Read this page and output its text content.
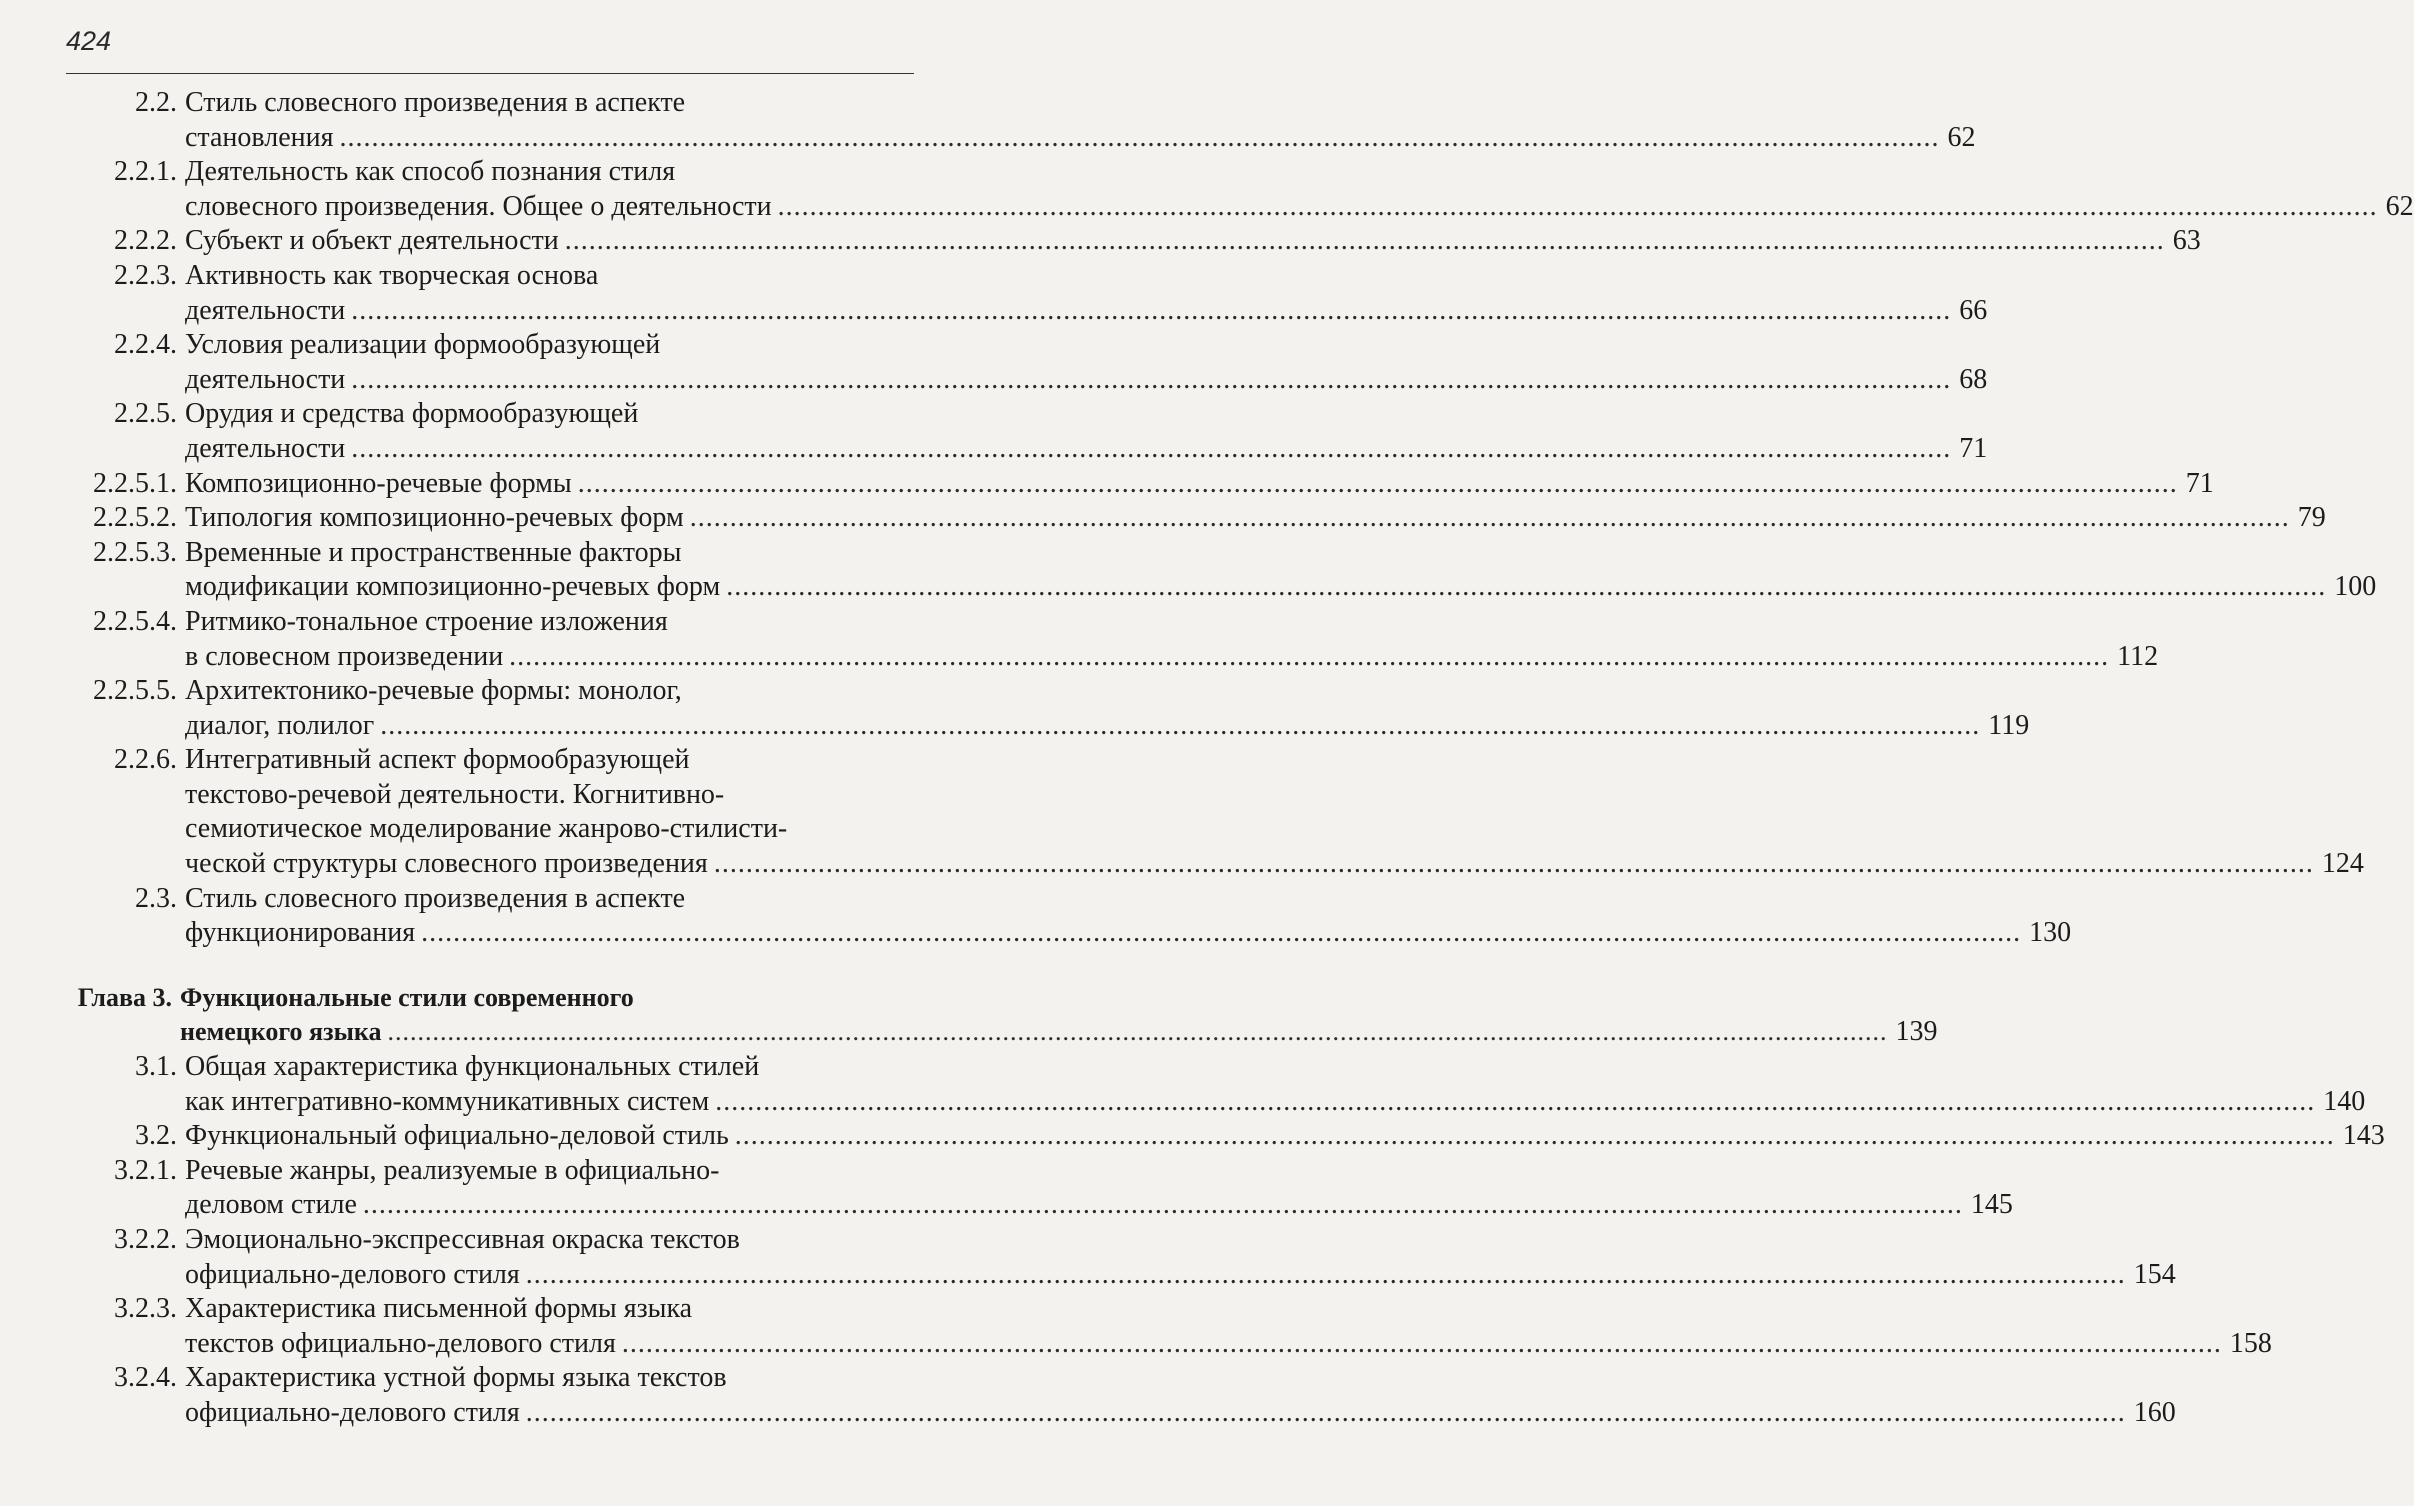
424
2.2. Стиль словесного произведения в аспекте
становления ........................................................................................................................................................................................................ 62
2.2.1. Деятельность как способ познания стиля
словесного произведения. Общее о деятельности ........................................................................................................................................................................................................ 62
2.2.2. Субъект и объект деятельности ........................................................................................................................................................................................................ 63
2.2.3. Активность как творческая основа
деятельности ........................................................................................................................................................................................................ 66
2.2.4. Условия реализации формообразующей
деятельности ........................................................................................................................................................................................................ 68
2.2.5. Орудия и средства формообразующей
деятельности ........................................................................................................................................................................................................ 71
2.2.5.1. Композиционно-речевые формы ........................................................................................................................................................................................................ 71
2.2.5.2. Типология композиционно-речевых форм ........................................................................................................................................................................................................ 79
2.2.5.3. Временные и пространственные факторы
модификации композиционно-речевых форм ........................................................................................................................................................................................................ 100
2.2.5.4. Ритмико-тональное строение изложения
в словесном произведении ........................................................................................................................................................................................................ 112
2.2.5.5. Архитектонико-речевые формы: монолог,
диалог, полилог ........................................................................................................................................................................................................ 119
2.2.6. Интегративный аспект формообразующей
текстово-речевой деятельности. Когнитивно-
семиотическое моделирование жанрово-стилисти-
ческой структуры словесного произведения ........................................................................................................................................................................................................ 124
2.3. Стиль словесного произведения в аспекте
функционирования ........................................................................................................................................................................................................ 130
Глава 3. Функциональные стили современного
немецкого языка ........................................................................................................................................................................................................ 139
3.1. Общая характеристика функциональных стилей
как интегративно-коммуникативных систем ........................................................................................................................................................................................................ 140
3.2. Функциональный официально-деловой стиль ........................................................................................................................................................................................................ 143
3.2.1. Речевые жанры, реализуемые в официально-
деловом стиле ........................................................................................................................................................................................................ 145
3.2.2. Эмоционально-экспрессивная окраска текстов
официально-делового стиля ........................................................................................................................................................................................................ 154
3.2.3. Характеристика письменной формы языка
текстов официально-делового стиля ........................................................................................................................................................................................................ 158
3.2.4. Характеристика устной формы языка текстов
официально-делового стиля ........................................................................................................................................................................................................ 160
